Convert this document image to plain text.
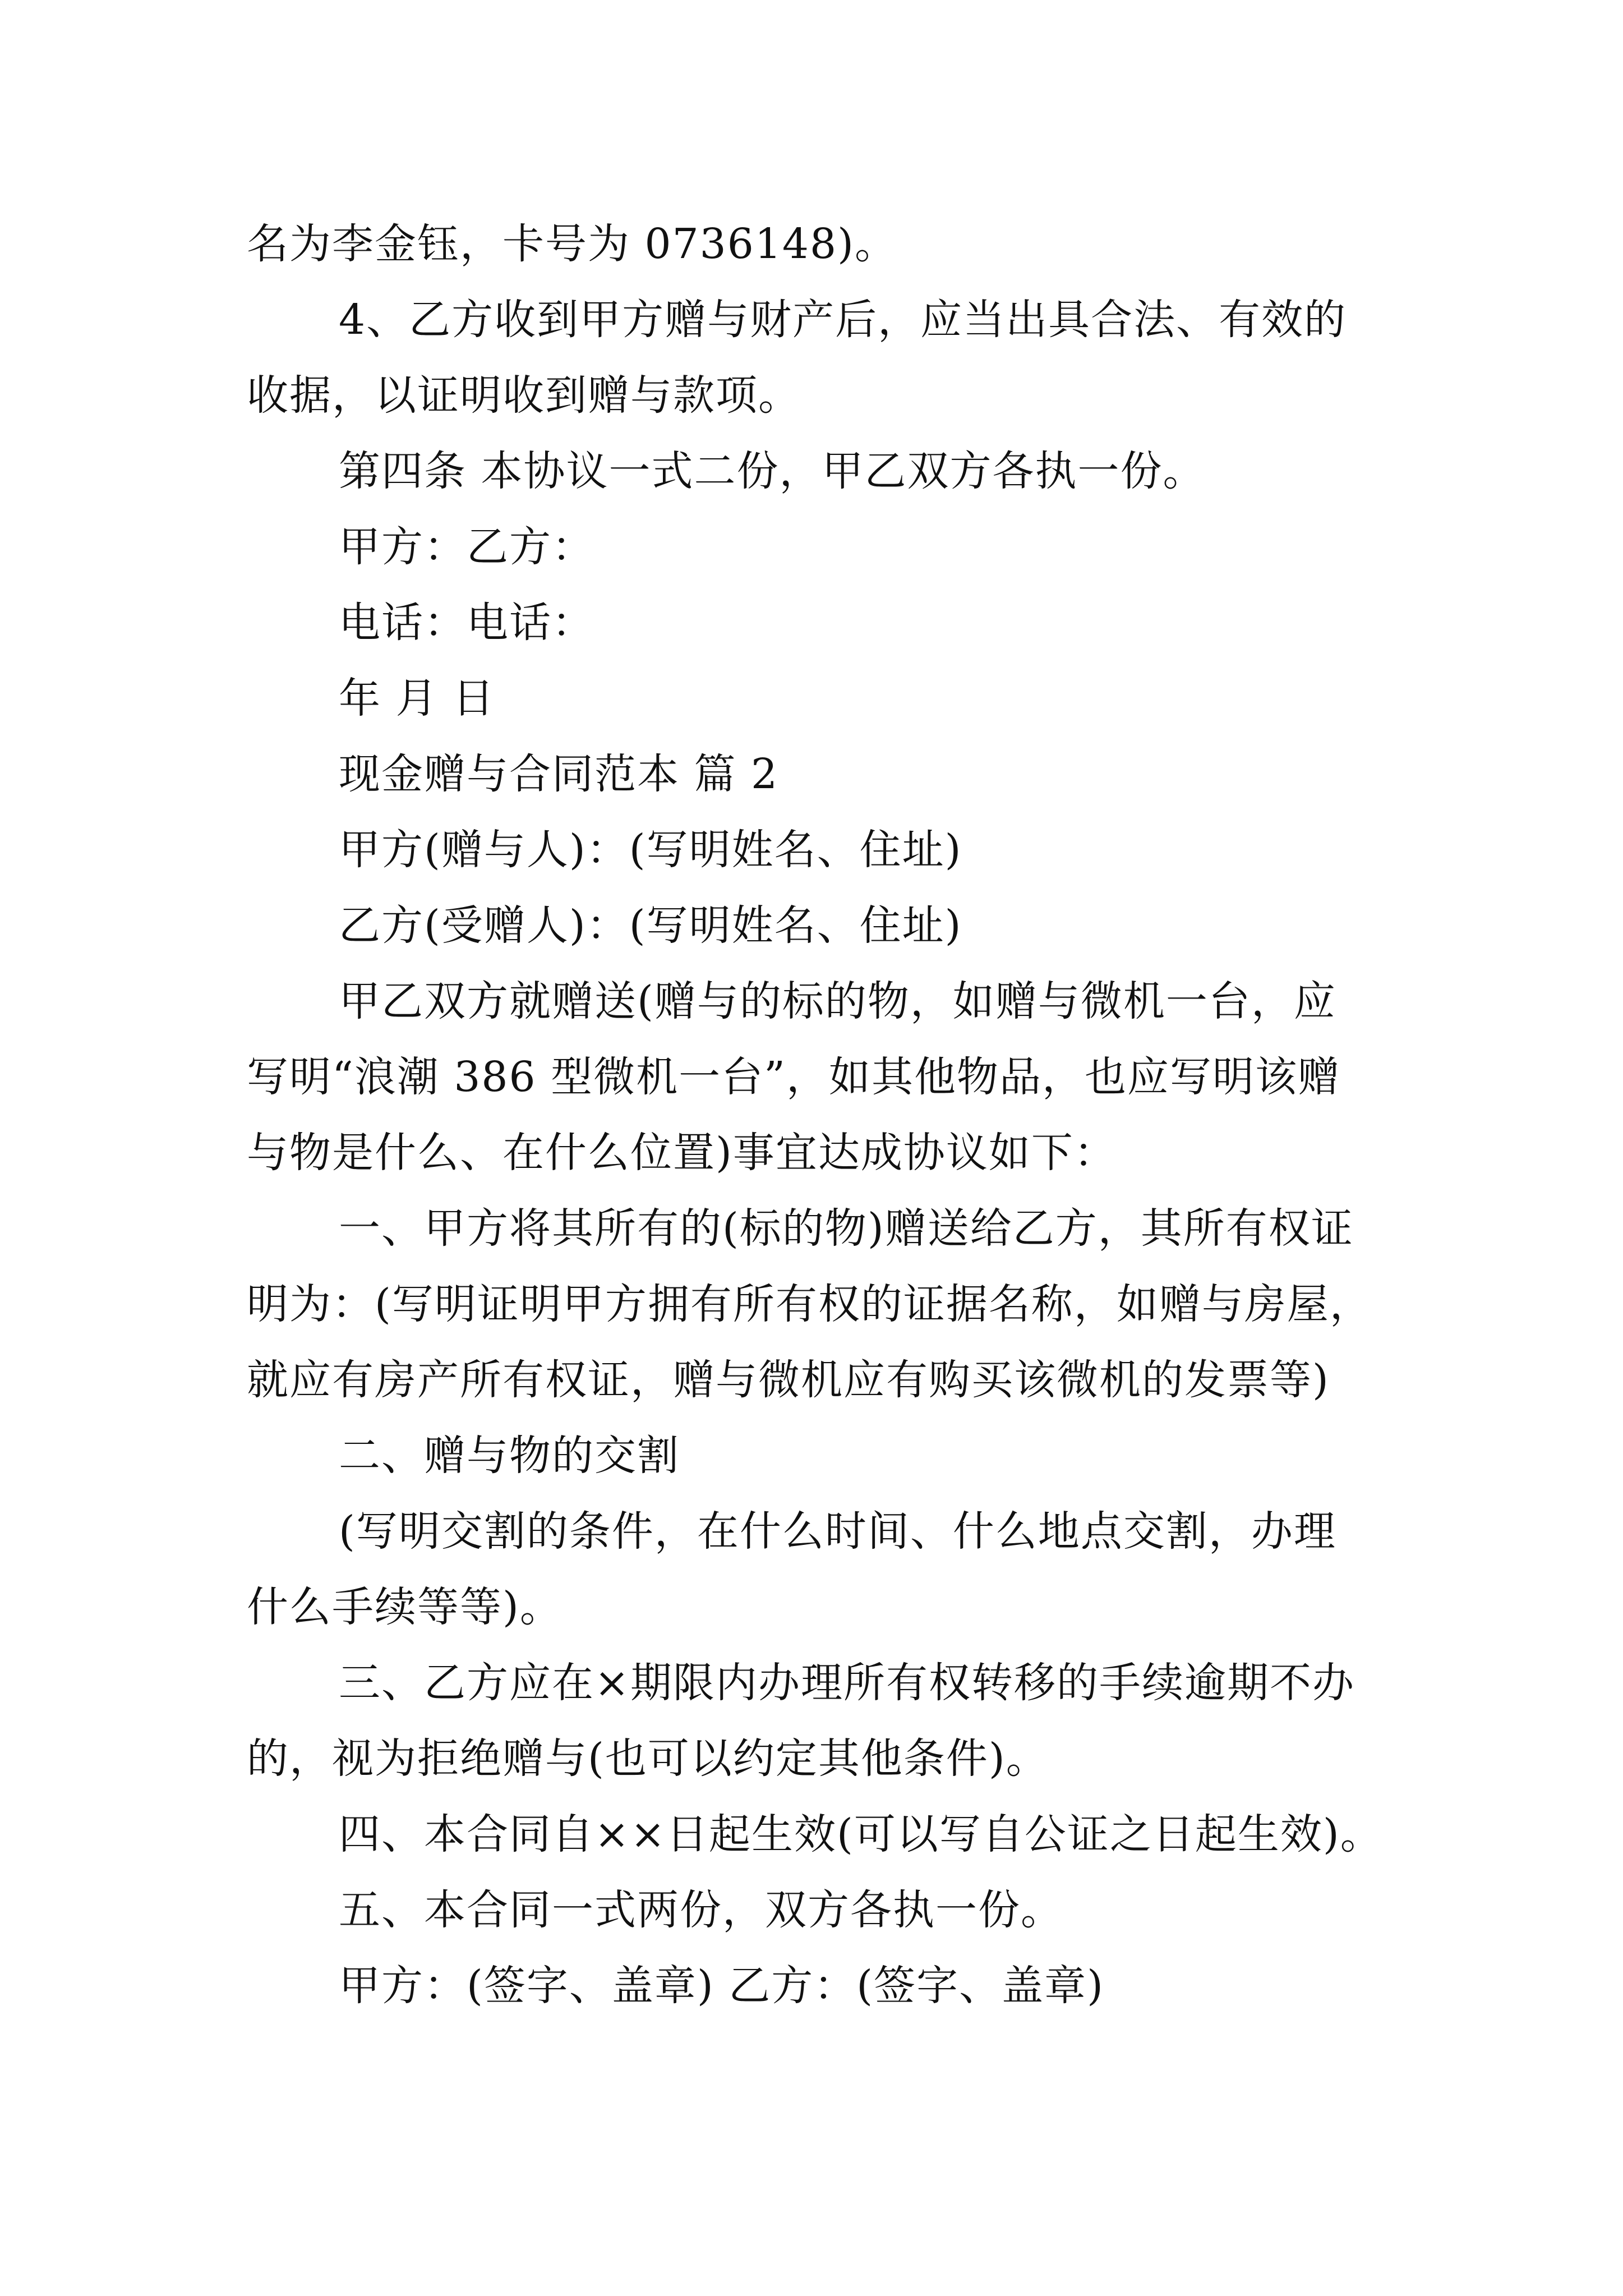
名为李金钰，卡号为 0736148)。
4、乙方收到甲方赠与财产后，应当出具合法、有效的
收据，以证明收到赠与款项。
第四条 本协议一式二份，甲乙双方各执一份。
甲方：乙方：
电话：电话：
年 月 日
现金赠与合同范本 篇 2
甲方(赠与人)：(写明姓名、住址)
乙方(受赠人)：(写明姓名、住址)
甲乙双方就赠送(赠与的标的物，如赠与微机一台，应
写明“浪潮 386 型微机一台”，如其他物品，也应写明该赠
与物是什么、在什么位置)事宜达成协议如下：
一、甲方将其所有的(标的物)赠送给乙方，其所有权证
明为：(写明证明甲方拥有所有权的证据名称，如赠与房屋，
就应有房产所有权证，赠与微机应有购买该微机的发票等)
二、赠与物的交割
(写明交割的条件，在什么时间、什么地点交割，办理
什么手续等等)。
三、乙方应在×期限内办理所有权转移的手续逾期不办
的，视为拒绝赠与(也可以约定其他条件)。
四、本合同自××日起生效(可以写自公证之日起生效)。
五、本合同一式两份，双方各执一份。
甲方：(签字、盖章) 乙方：(签字、盖章)
